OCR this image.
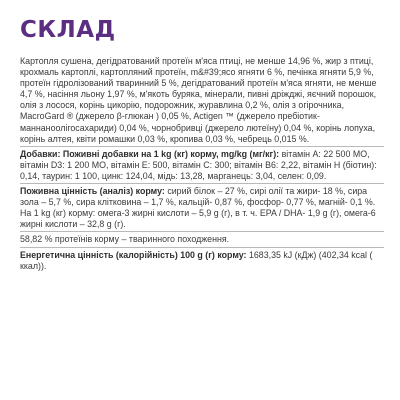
СКЛАД
Картопля сушена, дегідратований протеїн м'яса птиці, не менше 14,96 %, жир з птиці, крохмаль картоплі, картопляний протеїн, m&#39;ясо ягняти 6 %, печінка ягняти 5,9 %, протеїн гідролізований тваринний 5 %, дегідратований протеїн м'яса ягняти, не менше 4,7 %, насіння льону 1,97 %, м'якоть буряка, мінерали, пивні дріжджі, яєчний порошок, олія з лосося, корінь цикорію, подорожник, журавлина 0,2 %, олія з огірочника, MacroGard ® (джерело β-глюкан ) 0,05 %, Actigen ™ (джерело пребіотик- маннаноолігосахариди) 0,04 %, чорнобривці (джерело лютеїну) 0,04 %, корінь лопуха, корінь алтея, квіти ромашки 0,03 %, кропива 0,03 %, чебрець 0,015 %.
Добавки: Поживні добавки на 1 kg (кг) корму, mg/kg (мг/кг): вітамін A: 22 500 МО, вітамін D3: 1 200 МО, вітамін E: 500, вітамін C: 300; вітамін B6: 2,22, вітамін H (біотин): 0,14, таурин: 1 100, цинк: 124,04, мідь: 13,28, марганець: 3,04, селен: 0,09.
Поживна цінність (аналіз) корму: сирий білок – 27 %, сирі олії та жири- 18 %, сира зола – 5,7 %, сира клітковина – 1,7 %, кальцій- 0,87 %, фосфор- 0,77 %, магній- 0,1 %. На 1 kg (кг) корму: омега-3 жирні кислоти – 5,9 g (г), в т. ч. EPA / DHA- 1,9 g (г), омега-6 жирні кислоти – 32,8 g (г).
58,82 % протеїнів корму – тваринного походження.
Енергетична цінність (калорійність) 100 g (г) корму: 1683,35 kJ (кДж) (402,34 kcal ( ккал)).
